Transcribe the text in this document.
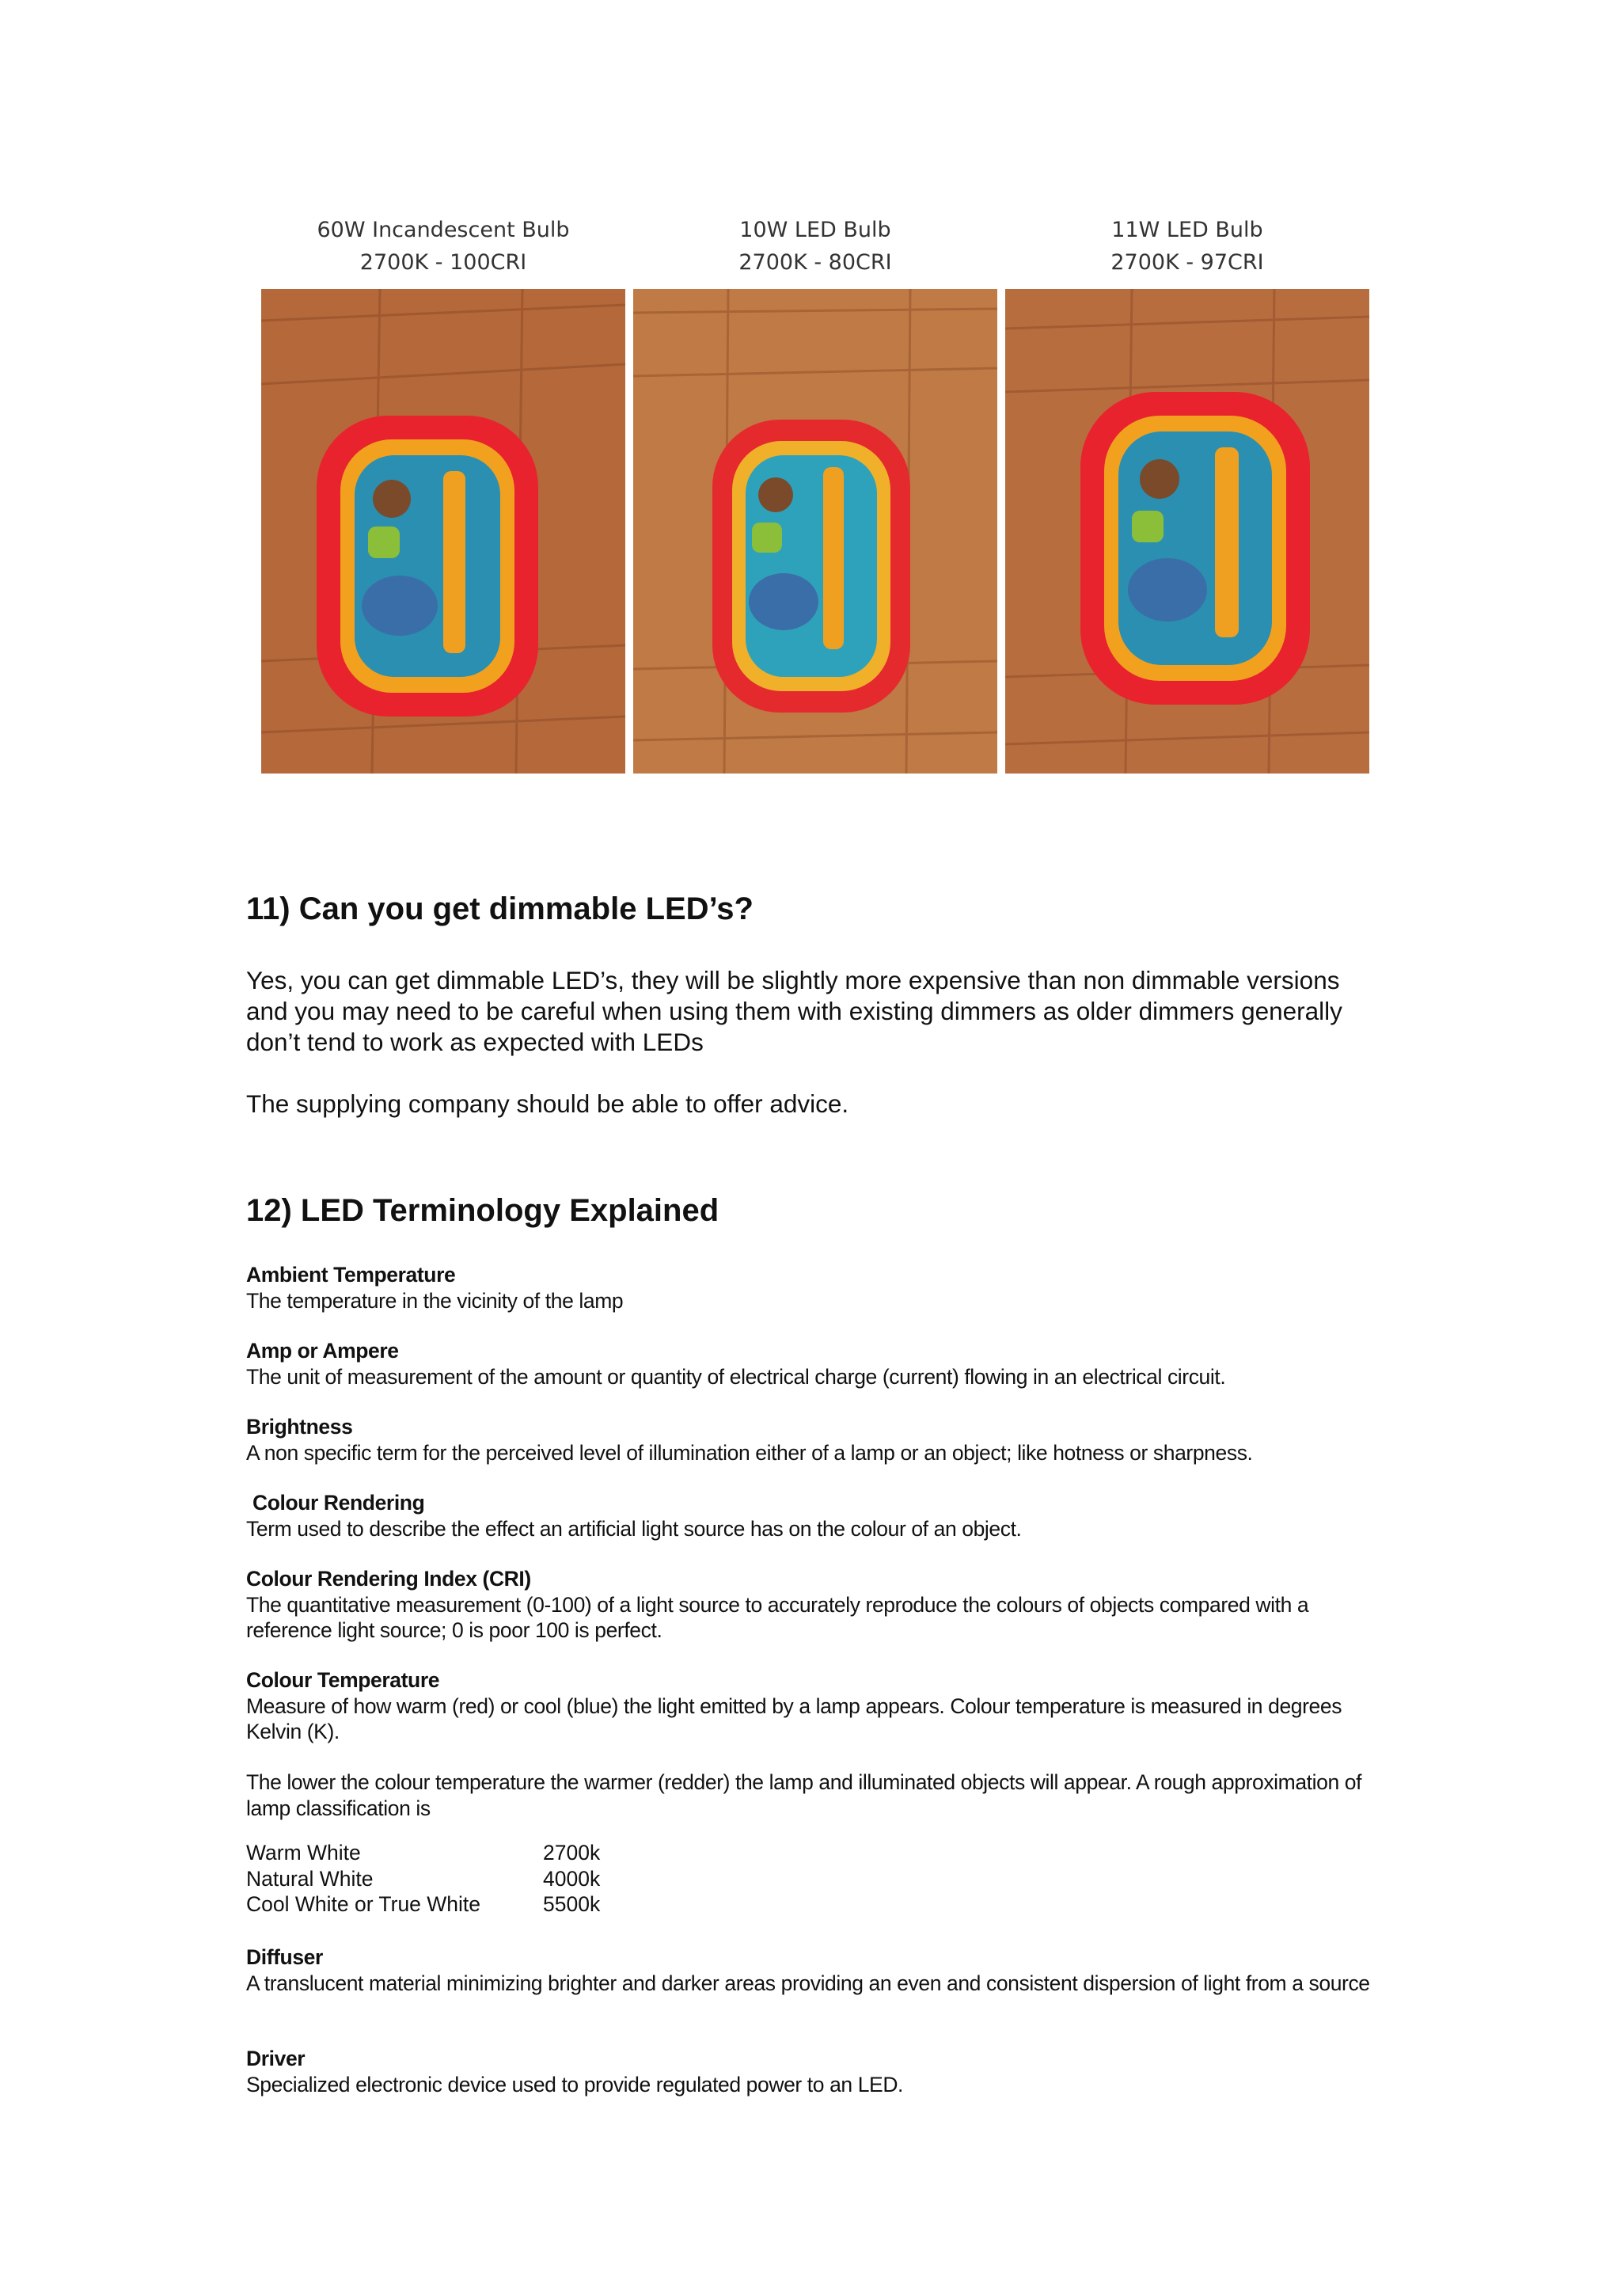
60W Incandescent Bulb
2700K - 100CRI
10W LED Bulb
2700K - 80CRI
11W LED Bulb
2700K - 97CRI
11) Can you get dimmable LED’s?

Yes, you can get dimmable LED’s, they will be slightly more expensive than non dimmable versions and you may need to be careful when using them with existing dimmers as older dimmers generally don’t tend to work as expected with LEDs

The supplying company should be able to offer advice.

12) LED Terminology Explained
Ambient Temperature
The temperature in the vicinity of the lamp
Amp or Ampere
The unit of measurement of the amount or quantity of electrical charge (current) flowing in an electrical circuit.
Brightness
A non specific term for the perceived level of illumination either of a lamp or an object; like hotness or sharpness.
Colour Rendering
Term used to describe the effect an artificial light source has on the colour of an object.
Colour Rendering Index (CRI)
The quantitative measurement (0-100) of a light source to accurately reproduce the colours of objects compared with a reference light source; 0 is poor 100 is perfect.
Colour Temperature
Measure of how warm (red) or cool (blue) the light emitted by a lamp appears. Colour temperature is measured in degrees Kelvin (K).
The lower the colour temperature the warmer (redder) the lamp and illuminated objects will appear. A rough approximation of lamp classification is
Warm White	2700k
Natural White	4000k
Cool White or True White	5500k
Diffuser
A translucent material minimizing brighter and darker areas providing an even and consistent dispersion of light from a source
Driver
Specialized electronic device used to provide regulated power to an LED.
